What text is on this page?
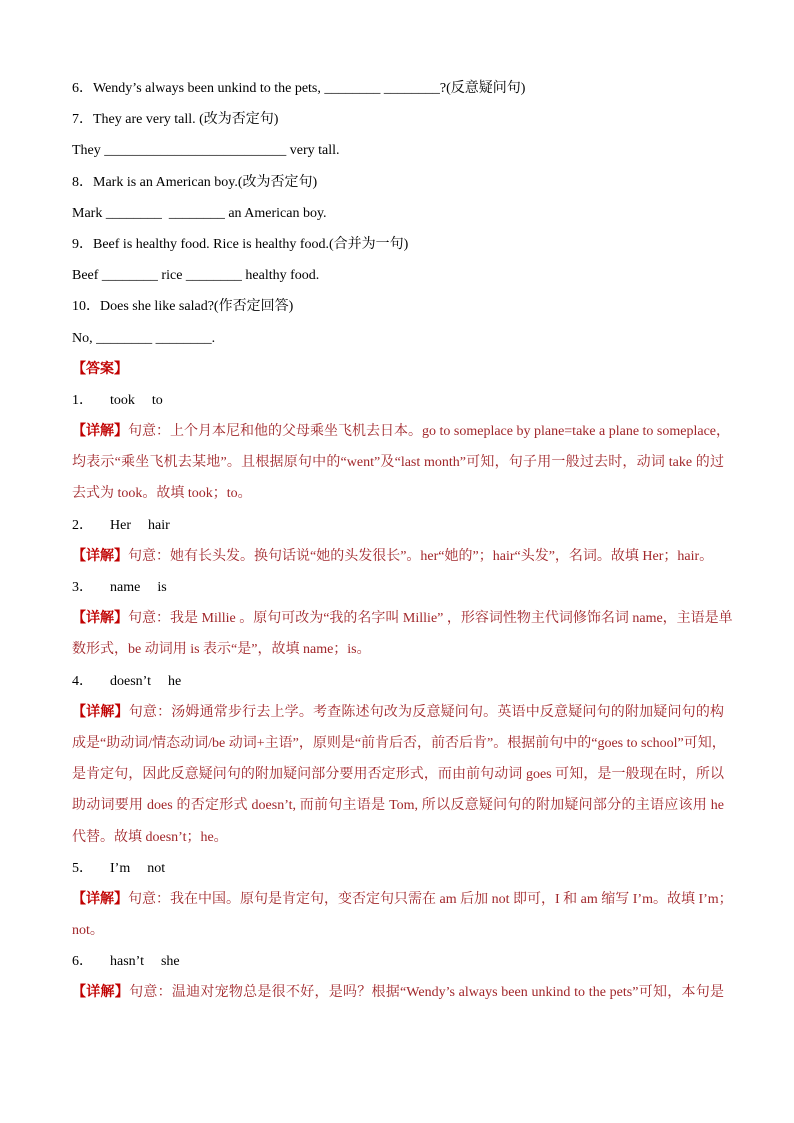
6．Wendy’s always been unkind to the pets, ________ ________?(反意疑问句)
7．They are very tall. (改为否定句)
They __________________________ very tall.
8．Mark is an American boy.(改为否定句)
Mark ________  ________ an American boy.
9．Beef is healthy food. Rice is healthy food.(合并为一句)
Beef ________ rice ________ healthy food.
10．Does she like salad?(作否定回答)
No, ________ ________.
【答案】
1． took to
【详解】句意：上个月本尼和他的父母乘坐飞机去日本。go to someplace by plane=take a plane to someplace，
均表示“乘坐飞机去某地”。且根据原句中的“went”及“last month”可知，句子用一般过去时，动词 take 的过
去式为 took。故填 took；to。
2． Her hair
【详解】句意：她有长头发。换句话说“她的头发很长”。her“她的”；hair“头发”，名词。故填 Her；hair。
3． name is
【详解】句意：我是 Millie 。原句可改为“我的名字叫 Millie” ，形容词性物主代词修饰名词 name，主语是单
数形式，be 动词用 is 表示“是”，故填 name；is。
4． doesn’t he
【详解】句意：汤姆通常步行去上学。考查陈述句改为反意疑问句。英语中反意疑问句的附加疑问句的构
成是“助动词/情态动词/be 动词+主语”，原则是“前肯后否，前否后肯”。根据前句中的“goes to school”可知，
是肯定句，因此反意疑问句的附加疑问部分要用否定形式，而由前句动词 goes 可知，是一般现在时，所以
助动词要用 does 的否定形式 doesn’t, 而前句主语是 Tom, 所以反意疑问句的附加疑问部分的主语应该用 he
代替。故填 doesn’t；he。
5． I’m not
【详解】句意：我在中国。原句是肯定句，变否定句只需在 am 后加 not 即可，I 和 am 缩写 I’m。故填 I’m；
not。
6． hasn’t she
【详解】句意：温迪对宠物总是很不好，是吗？根据“Wendy’s always been unkind to the pets”可知，本句是
